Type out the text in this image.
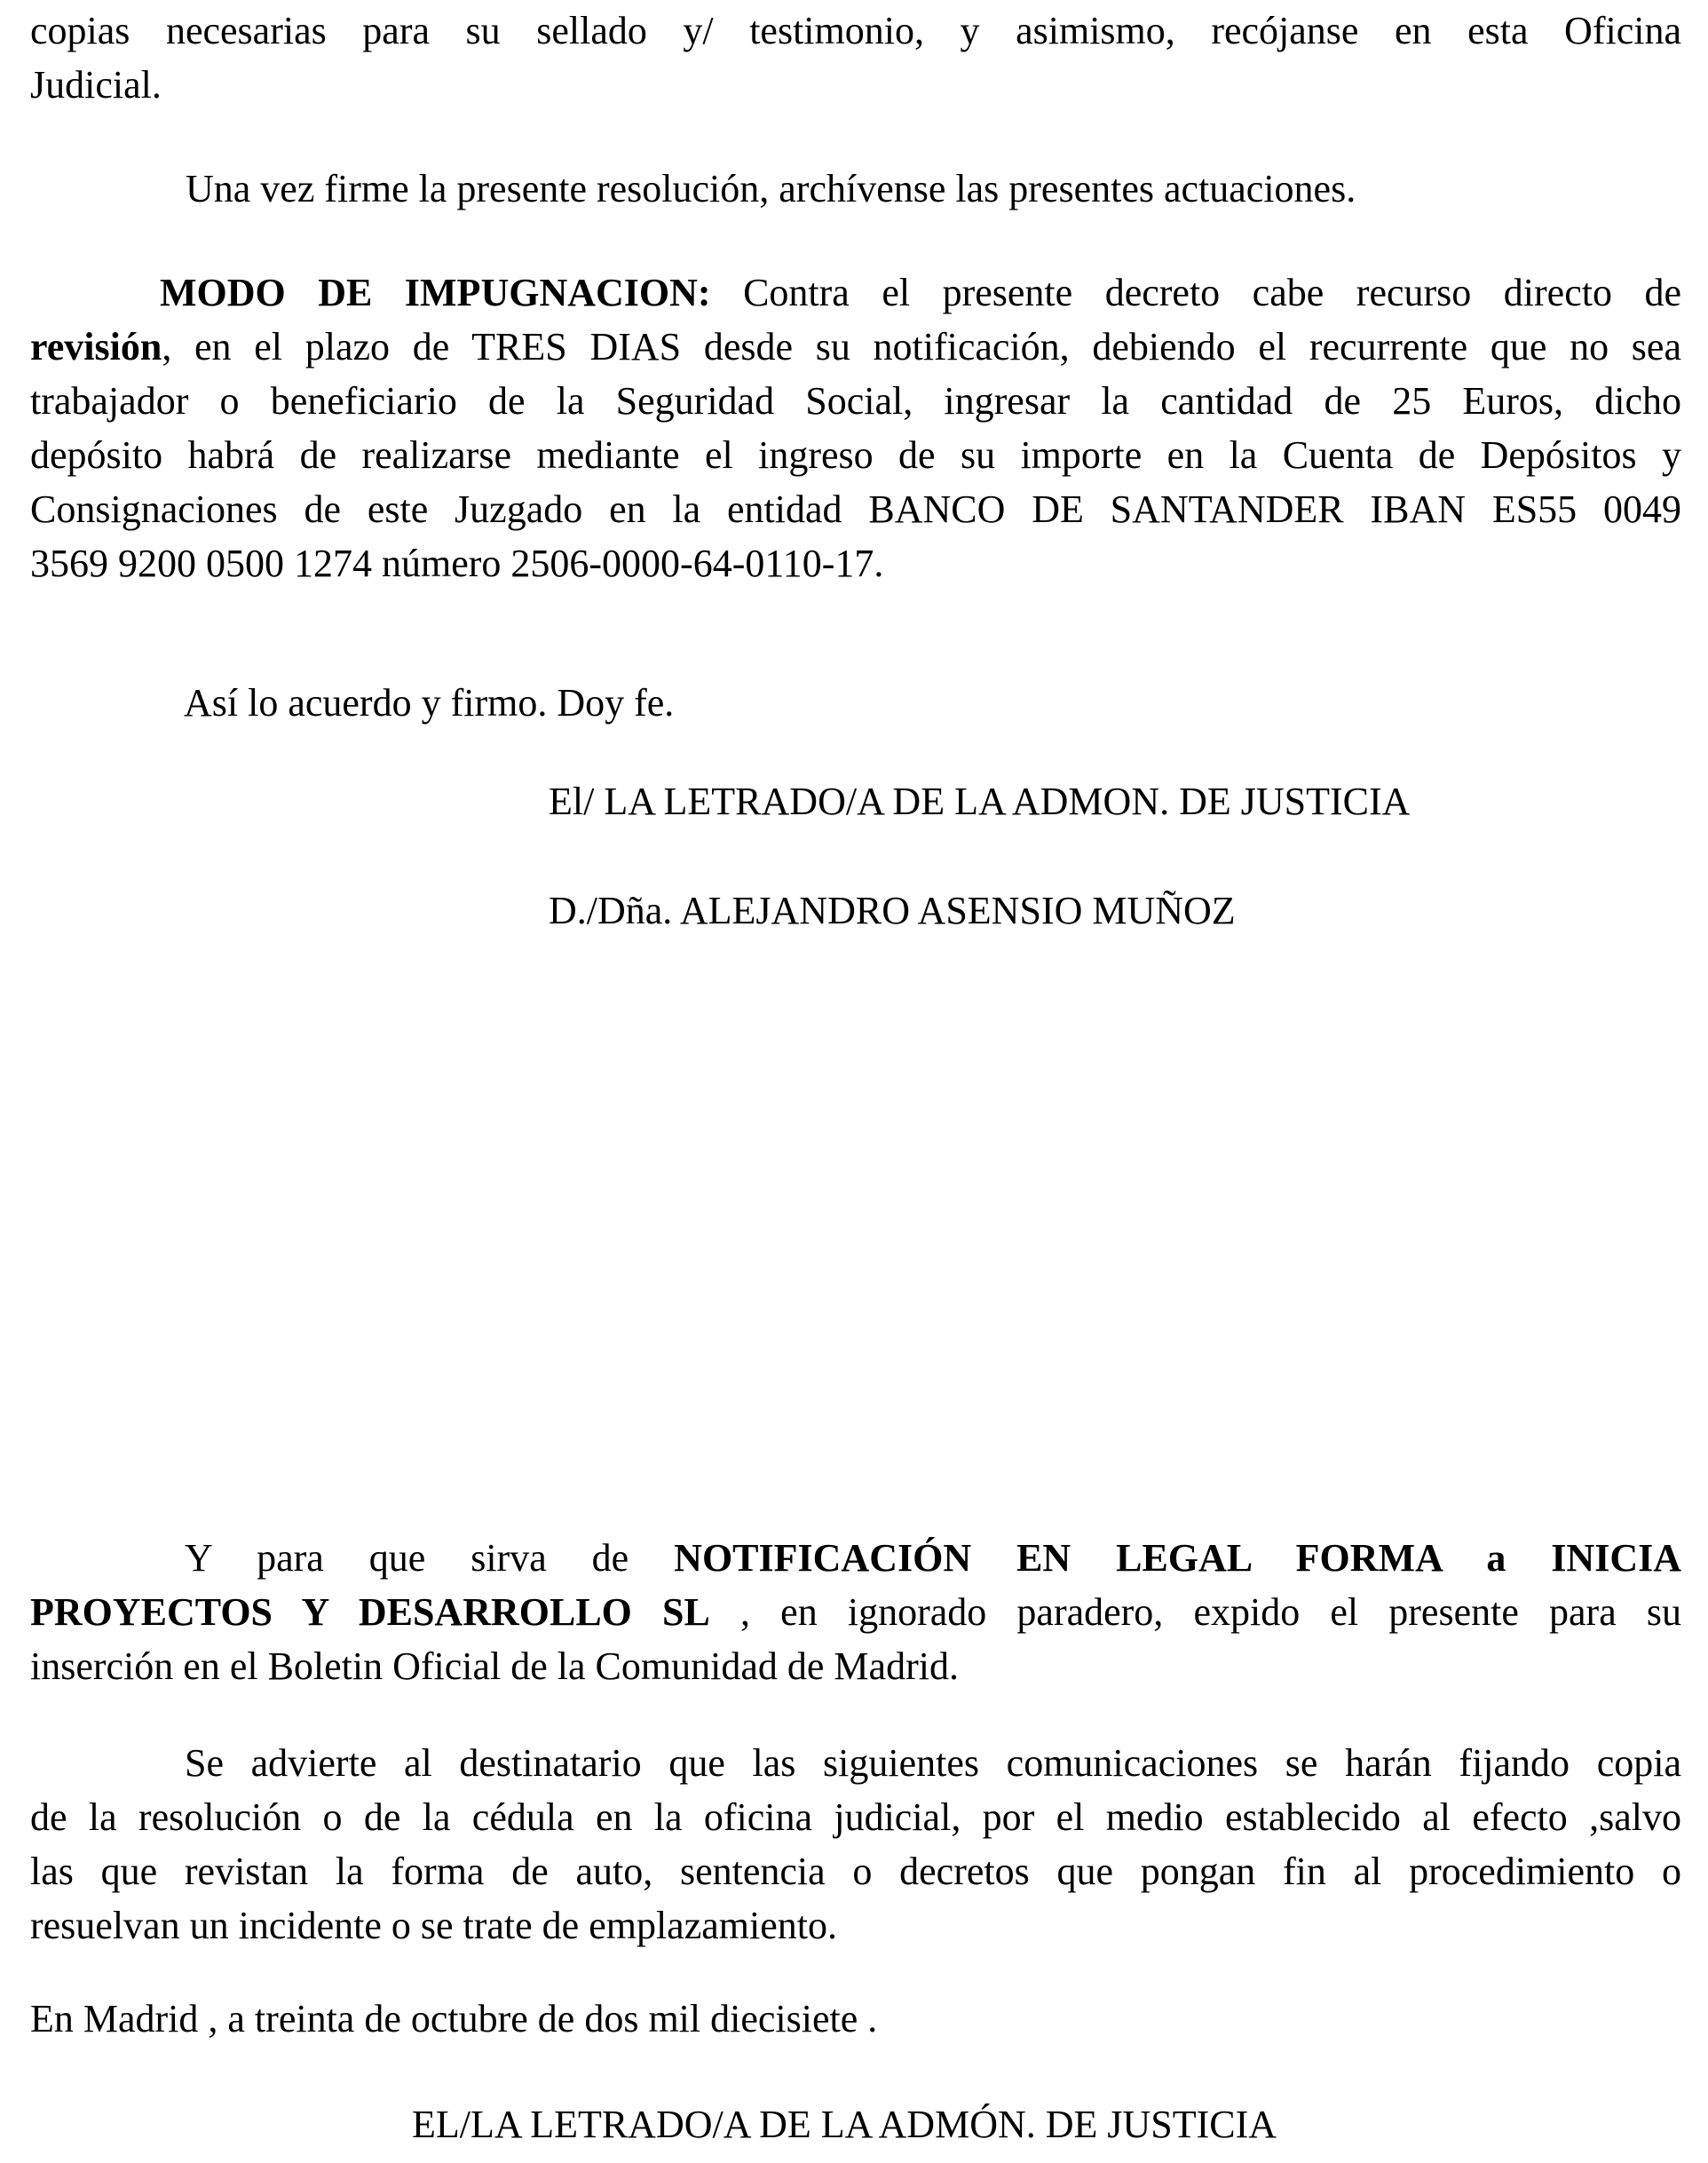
copias necesarias para su sellado y/ testimonio, y asimismo, recójanse en esta Oficina
Judicial.

Una vez firme la presente resolución, archívense las presentes actuaciones.

MODO DE IMPUGNACION: Contra el presente decreto cabe recurso directo de
revisión, en el plazo de TRES DIAS desde su notificación, debiendo el recurrente que no sea
trabajador o beneficiario de la Seguridad Social, ingresar la cantidad de 25 Euros, dicho
depósito habrá de realizarse mediante el ingreso de su importe en la Cuenta de Depósitos y
Consignaciones de este Juzgado en la entidad BANCO DE SANTANDER IBAN ES55 0049
3569 9200 0500 1274 número 2506-0000-64-0110-17.

Así lo acuerdo y firmo. Doy fe.

El/ LA LETRADO/A DE LA ADMON. DE JUSTICIA

D./Dña. ALEJANDRO ASENSIO MUÑOZ

Y para que sirva de NOTIFICACIÓN EN LEGAL FORMA a INICIA
PROYECTOS Y DESARROLLO SL , en ignorado paradero, expido el presente para su
inserción en el Boletin Oficial de la Comunidad de Madrid.
Se advierte al destinatario que las siguientes comunicaciones se harán fijando copia
de la resolución o de la cédula en la oficina judicial, por el medio establecido al efecto ,salvo
las que revistan la forma de auto, sentencia o decretos que pongan fin al procedimiento o
resuelvan un incidente o se trate de emplazamiento.

En Madrid , a treinta de octubre de dos mil diecisiete .

EL/LA LETRADO/A DE LA ADMÓN. DE JUSTICIA
